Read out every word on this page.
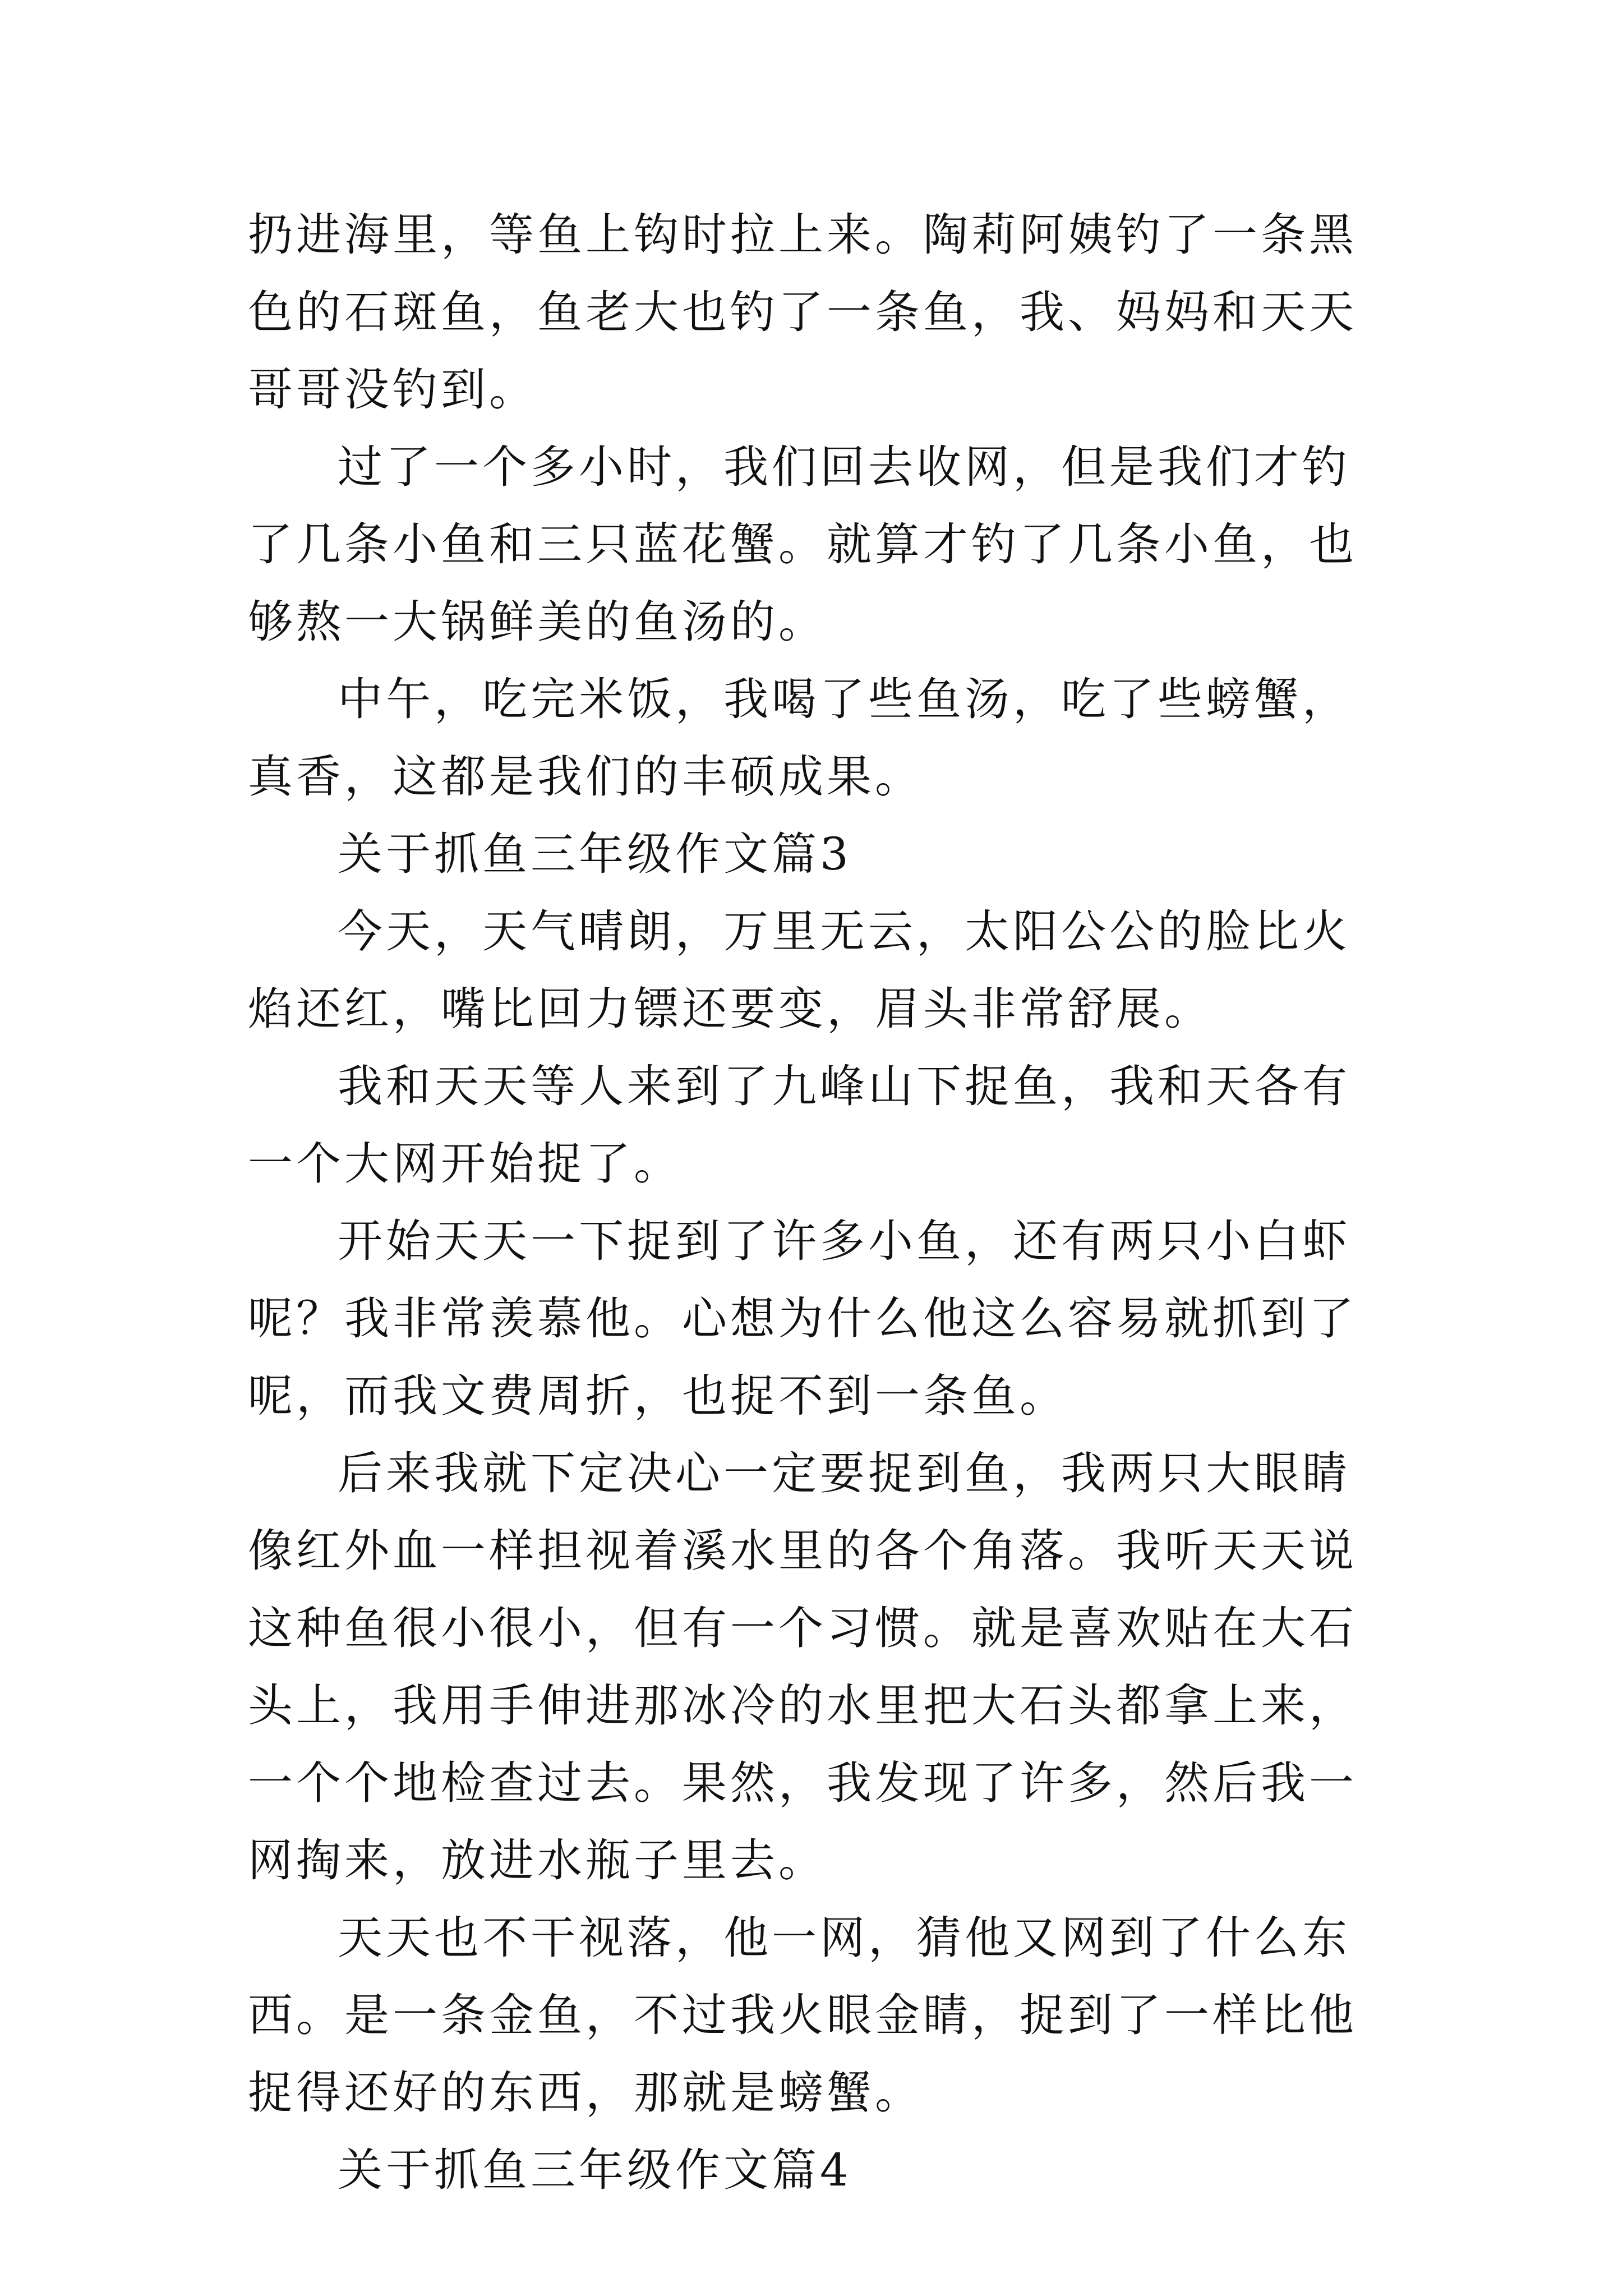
扔进海里，等鱼上钩时拉上来。陶莉阿姨钓了一条黑色的石斑鱼，鱼老大也钓了一条鱼，我、妈妈和天天哥哥没钓到。

过了一个多小时，我们回去收网，但是我们才钓了几条小鱼和三只蓝花蟹。就算才钓了几条小鱼，也够熬一大锅鲜美的鱼汤的。

中午，吃完米饭，我喝了些鱼汤，吃了些螃蟹，真香，这都是我们的丰硕成果。

关于抓鱼三年级作文篇3

今天，天气晴朗，万里无云，太阳公公的脸比火焰还红，嘴比回力镖还要变，眉头非常舒展。

我和天天等人来到了九峰山下捉鱼，我和天各有一个大网开始捉了。

开始天天一下捉到了许多小鱼，还有两只小白虾呢？我非常羡慕他。心想为什么他这么容易就抓到了呢，而我文费周折，也捉不到一条鱼。

后来我就下定决心一定要捉到鱼，我两只大眼睛像红外血一样担视着溪水里的各个角落。我听天天说这种鱼很小很小，但有一个习惯。就是喜欢贴在大石头上，我用手伸进那冰冷的水里把大石头都拿上来，一个个地检查过去。果然，我发现了许多，然后我一网掏来，放进水瓶子里去。

天天也不干视落，他一网，猜他又网到了什么东西。是一条金鱼，不过我火眼金睛，捉到了一样比他捉得还好的东西，那就是螃蟹。

关于抓鱼三年级作文篇4
